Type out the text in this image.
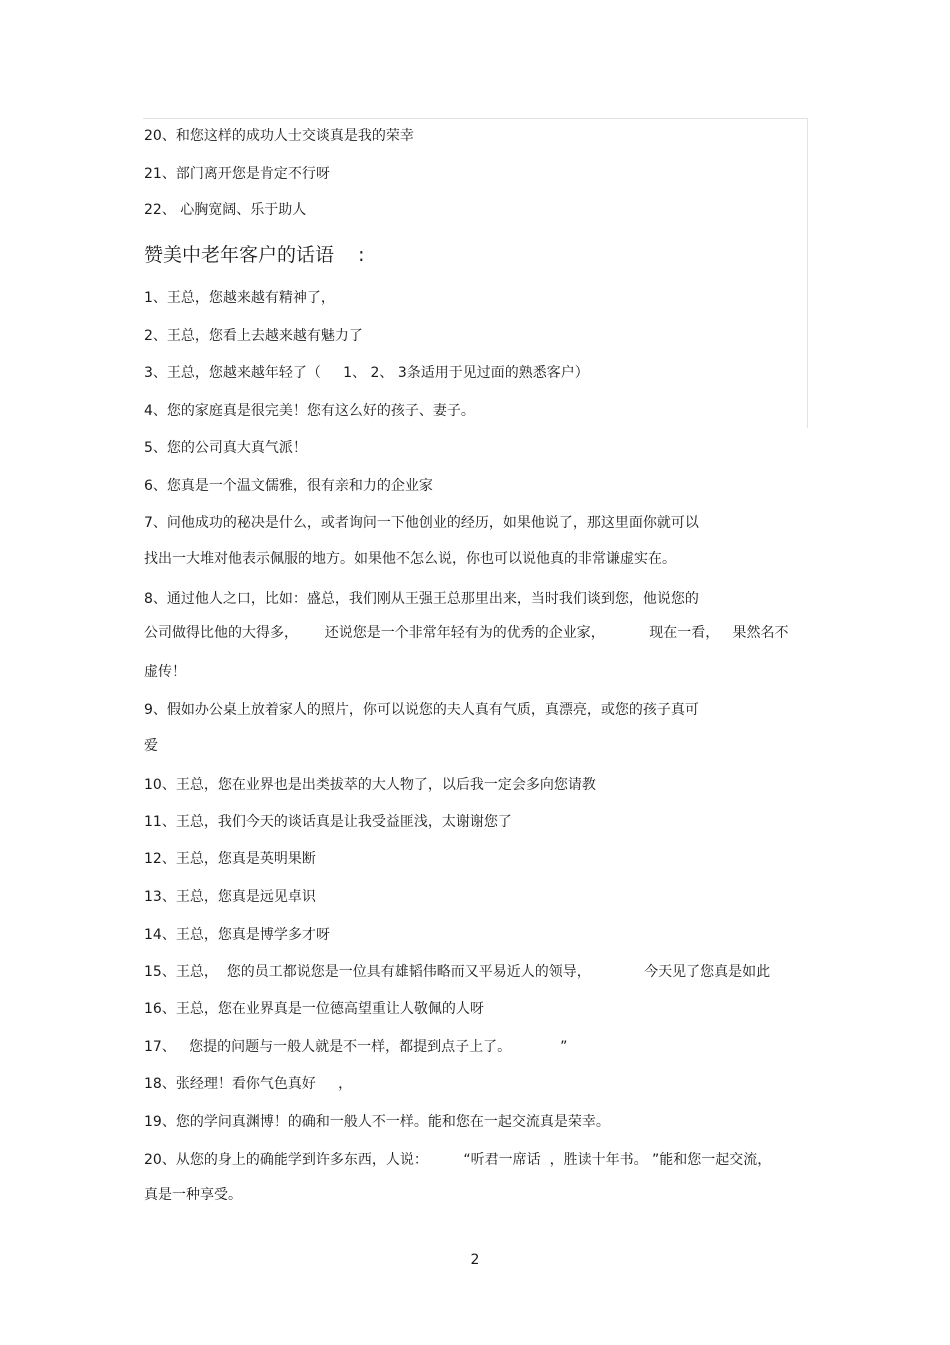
20、和您这样的成功人士交谈真是我的荣幸
21、部门离开您是肯定不行呀
22、 心胸宽阔、乐于助人
赞美中老年客户的话语    :
1、王总，您越来越有精神了，
2、王总，您看上去越来越有魅力了
3、王总，您越来越年轻了（     1、 2、 3条适用于见过面的熟悉客户）
4、您的家庭真是很完美！您有这么好的孩子、妻子。
5、您的公司真大真气派！
6、您真是一个温文儒雅，很有亲和力的企业家
7、问他成功的秘决是什么，或者询问一下他创业的经历，如果他说了，那这里面你就可以
找出一大堆对他表示佩服的地方。如果他不怎么说，你也可以说他真的非常谦虚实在。
8、通过他人之口，比如：盛总，我们刚从王强王总那里出来，当时我们谈到您，他说您的
公司做得比他的大得多，      还说您是一个非常年轻有为的优秀的企业家，          现在一看，   果然名不
虚传！
9、假如办公桌上放着家人的照片，你可以说您的夫人真有气质，真漂亮，或您的孩子真可
爱
10、王总，您在业界也是出类拔萃的大人物了，以后我一定会多向您请教
11、王总，我们今天的谈话真是让我受益匪浅，太谢谢您了
12、王总，您真是英明果断
13、王总，您真是远见卓识
14、王总，您真是博学多才呀
15、王总，  您的员工都说您是一位具有雄韬伟略而又平易近人的领导，            今天见了您真是如此
16、王总，您在业界真是一位德高望重让人敬佩的人呀
17、   您提的问题与一般人就是不一样，都提到点子上了。           ”
18、张经理！看你气色真好     ，
19、您的学问真渊博！的确和一般人不一样。能和您在一起交流真是荣幸。
20、从您的身上的确能学到许多东西，人说：        “听君一席话  ，胜读十年书。 ”能和您一起交流，
真是一种享受。
2
